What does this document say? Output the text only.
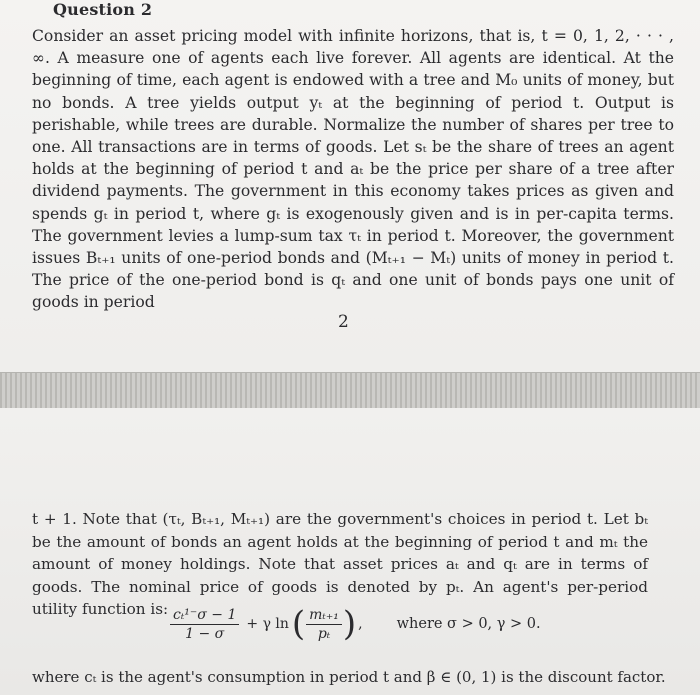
Question 2

Consider an asset pricing model with infinite horizons, that is, t = 0, 1, 2, · · · , ∞. A measure one of agents each live forever. All agents are identical. At the beginning of time, each agent is endowed with a tree and M₀ units of money, but no bonds. A tree yields output yₜ at the beginning of period t. Output is perishable, while trees are durable. Normalize the number of shares per tree to one. All transactions are in terms of goods. Let sₜ be the share of trees an agent holds at the beginning of period t and aₜ be the price per share of a tree after dividend payments. The government in this economy takes prices as given and spends gₜ in period t, where gₜ is exogenously given and is in per-capita terms. The government levies a lump-sum tax τₜ in period t. Moreover, the government issues Bₜ₊₁ units of one-period bonds and (Mₜ₊₁ − Mₜ) units of money in period t. The price of the one-period bond is qₜ and one unit of bonds pays one unit of goods in period

2

t + 1. Note that (τₜ, Bₜ₊₁, Mₜ₊₁) are the government's choices in period t. Let bₜ be the amount of bonds an agent holds at the beginning of period t and mₜ the amount of money holdings. Note that asset prices aₜ and qₜ are in terms of goods. The nominal price of goods is denoted by pₜ. An agent's per-period utility function is: $\frac{\text{cₜ¹⁻σ − 1}}{1 - \sigma} + \gamma$ ln ( $\frac{\text{mₜ₊₁}}{\text{pₜ}}$ ) , where σ > 0, γ > 0.

where cₜ is the agent's consumption in period t and β ∈ (0, 1) is the discount factor.
